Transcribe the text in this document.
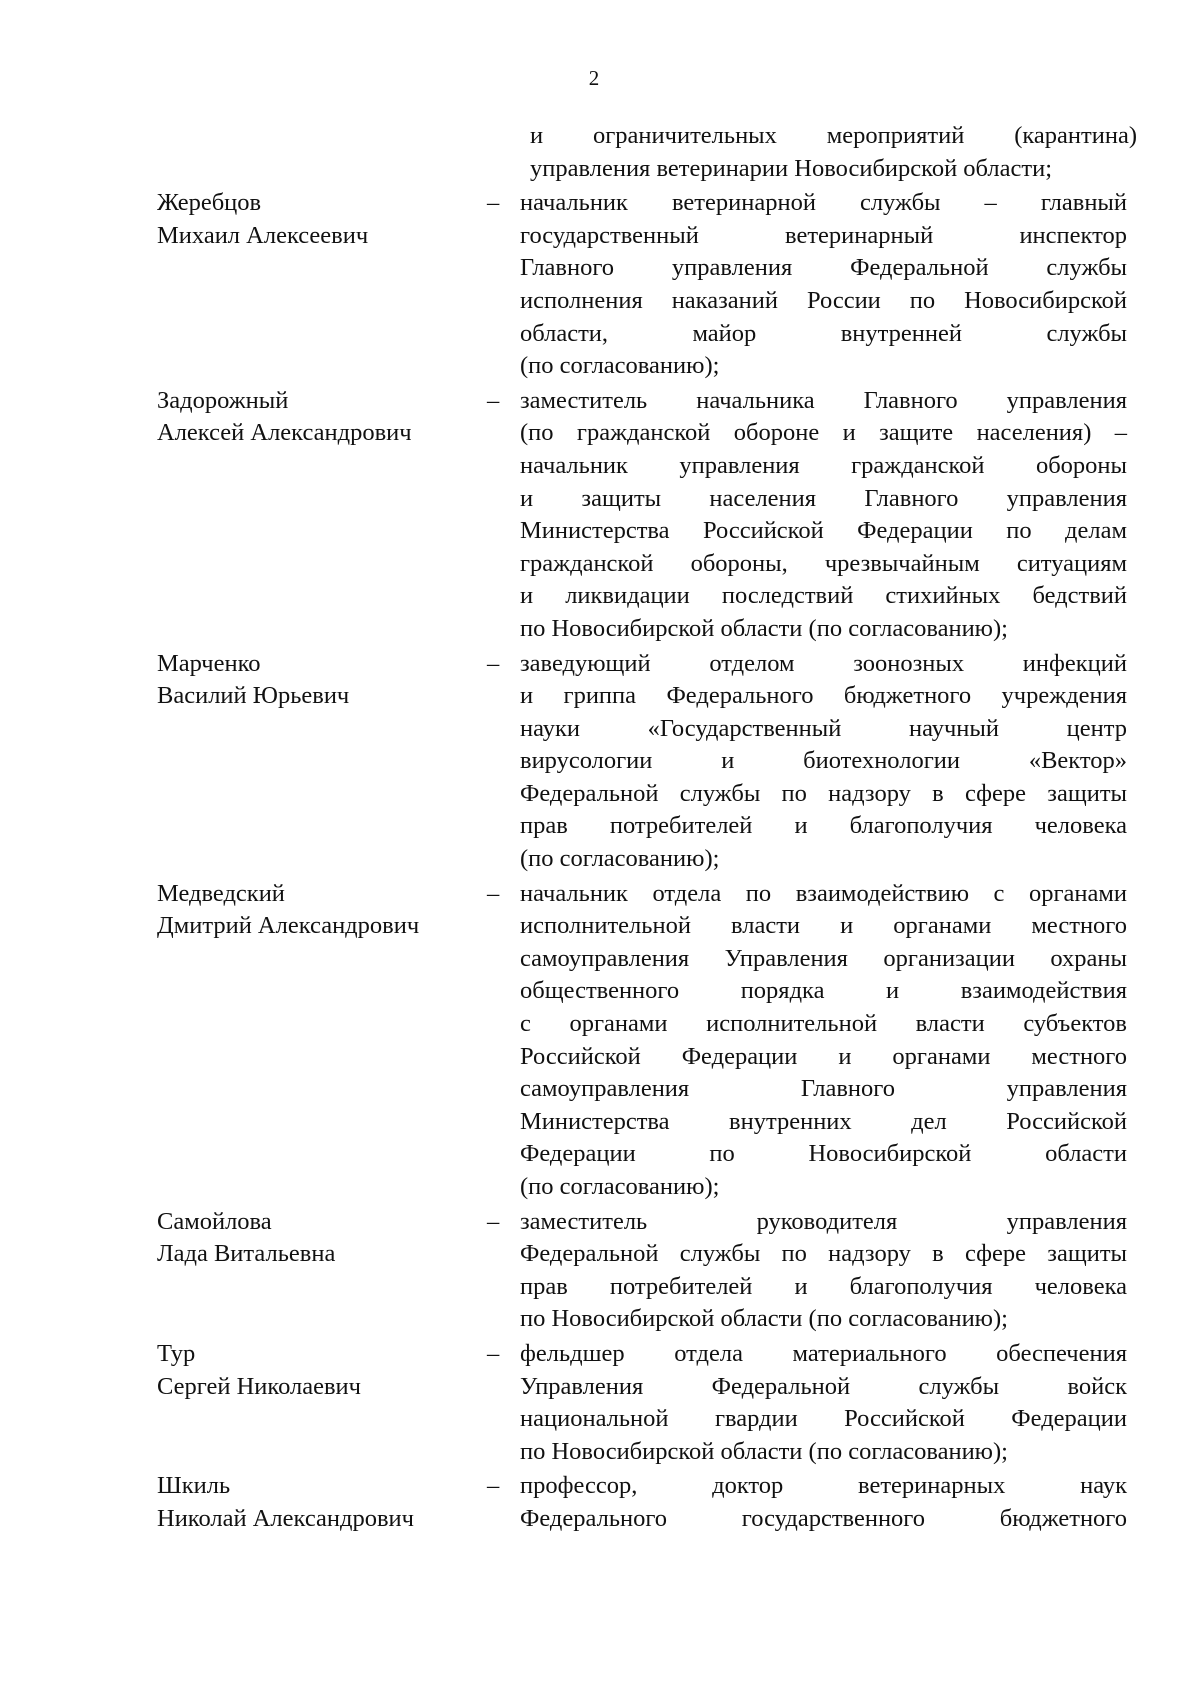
2
и ограничительных мероприятий (карантина)
управления ветеринарии Новосибирской области;
Жеребцов
Михаил Алексеевич
– начальник ветеринарной службы – главный
государственный ветеринарный инспектор
Главного управления Федеральной службы
исполнения наказаний России по Новосибирской
области, майор внутренней службы
(по согласованию);
Задорожный
Алексей Александрович
– заместитель начальника Главного управления
(по гражданской обороне и защите населения) –
начальник управления гражданской обороны
и защиты населения Главного управления
Министерства Российской Федерации по делам
гражданской обороны, чрезвычайным ситуациям
и ликвидации последствий стихийных бедствий
по Новосибирской области (по согласованию);
Марченко
Василий Юрьевич
– заведующий отделом зоонозных инфекций
и гриппа Федерального бюджетного учреждения
науки «Государственный научный центр
вирусологии и биотехнологии «Вектор»
Федеральной службы по надзору в сфере защиты
прав потребителей и благополучия человека
(по согласованию);
Медведский
Дмитрий Александрович
– начальник отдела по взаимодействию с органами
исполнительной власти и органами местного
самоуправления Управления организации охраны
общественного порядка и взаимодействия
с органами исполнительной власти субъектов
Российской Федерации и органами местного
самоуправления Главного управления
Министерства внутренних дел Российской
Федерации по Новосибирской области
(по согласованию);
Самойлова
Лада Витальевна
– заместитель руководителя управления
Федеральной службы по надзору в сфере защиты
прав потребителей и благополучия человека
по Новосибирской области (по согласованию);
Тур
Сергей Николаевич
– фельдшер отдела материального обеспечения
Управления Федеральной службы войск
национальной гвардии Российской Федерации
по Новосибирской области (по согласованию);
Шкиль
Николай Александрович
– профессор, доктор ветеринарных наук
Федерального государственного бюджетного
